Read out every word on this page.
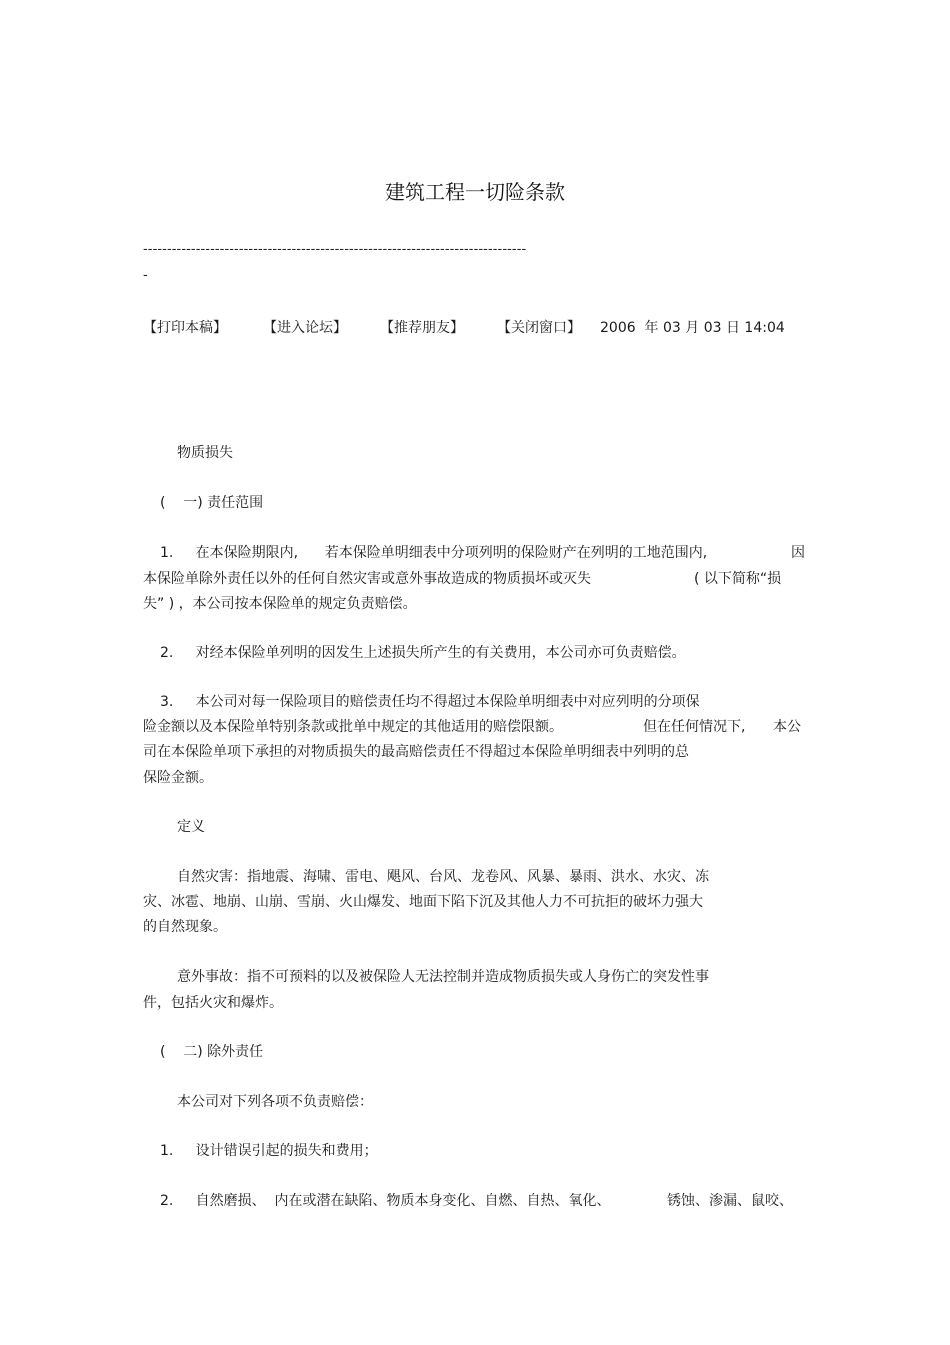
建筑工程一切险条款
--------------------------------------------------------------------------------
-
【打印本稿】	【进入论坛】 【推荐朋友】 【关闭窗口】 2006  年 03 月 03 日 14:04
物质损失
(    一) 责任范围
1.     在本保险期限内,      若本保险单明细表中分项列明的保险财产在列明的工地范围内,	因
本保险单除外责任以外的任何自然灾害或意外事故造成的物质损坏或灭失	( 以下简称“损
失” ) ，本公司按本保险单的规定负责赔偿。
2.     对经本保险单列明的因发生上述损失所产生的有关费用，本公司亦可负责赔偿。
3.     本公司对每一保险项目的赔偿责任均不得超过本保险单明细表中对应列明的分项保
险金额以及本保险单特别条款或批单中规定的其他适用的赔偿限额。	但在任何情况下, 本公
司在本保险单项下承担的对物质损失的最高赔偿责任不得超过本保险单明细表中列明的总
保险金额。
定义
自然灾害：指地震、海啸、雷电、飓风、台风、龙卷风、风暴、暴雨、洪水、水灾、冻
灾、冰雹、地崩、山崩、雪崩、火山爆发、地面下陷下沉及其他人力不可抗拒的破坏力强大
的自然现象。
意外事故：指不可预料的以及被保险人无法控制并造成物质损失或人身伤亡的突发性事
件，包括火灾和爆炸。
(    二) 除外责任
本公司对下列各项不负责赔偿：
1.     设计错误引起的损失和费用；
2.     自然磨损、  内在或潜在缺陷、物质本身变化、自燃、自热、氧化、	锈蚀、渗漏、鼠咬、
